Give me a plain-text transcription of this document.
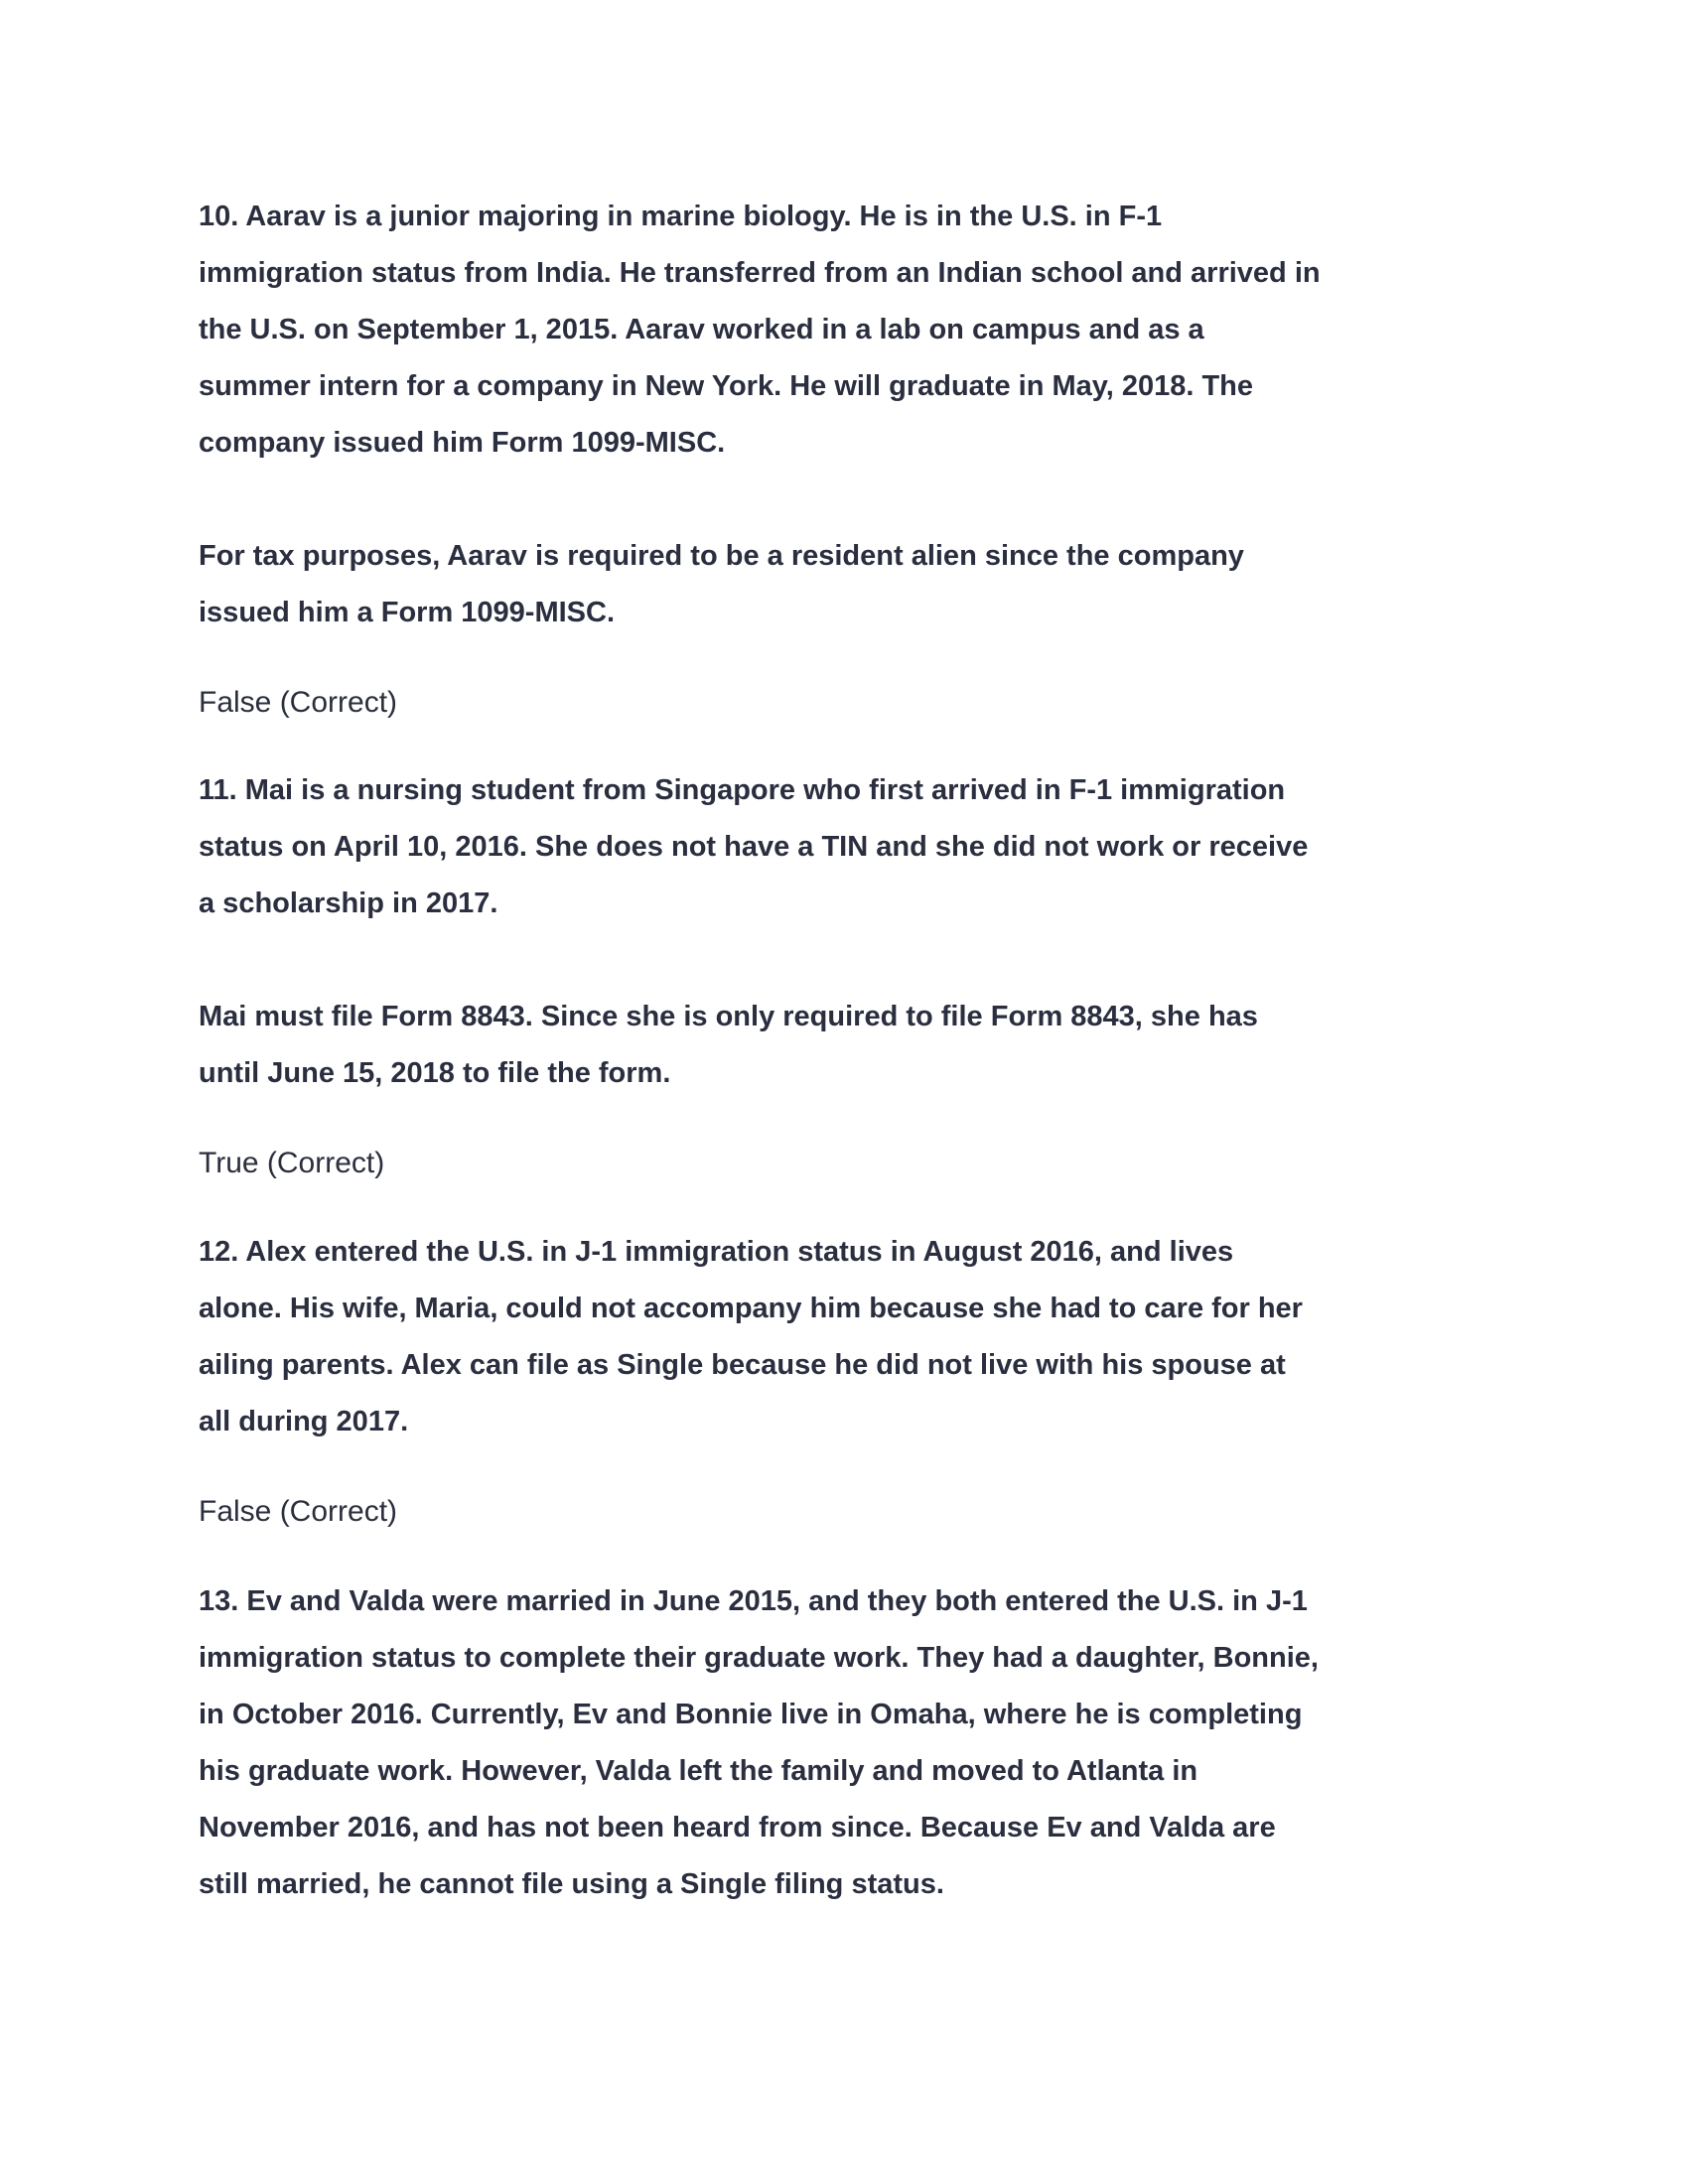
10. Aarav is a junior majoring in marine biology. He is in the U.S. in F-1
immigration status from India. He transferred from an Indian school and arrived in
the U.S. on September 1, 2015. Aarav worked in a lab on campus and as a
summer intern for a company in New York. He will graduate in May, 2018. The
company issued him Form 1099-MISC.
For tax purposes, Aarav is required to be a resident alien since the company
issued him a Form 1099-MISC.
False (Correct)
11. Mai is a nursing student from Singapore who first arrived in F-1 immigration
status on April 10, 2016. She does not have a TIN and she did not work or receive
a scholarship in 2017.
Mai must file Form 8843. Since she is only required to file Form 8843, she has
until June 15, 2018 to file the form.
True (Correct)
12. Alex entered the U.S. in J-1 immigration status in August 2016, and lives
alone. His wife, Maria, could not accompany him because she had to care for her
ailing parents. Alex can file as Single because he did not live with his spouse at
all during 2017.
False (Correct)
13. Ev and Valda were married in June 2015, and they both entered the U.S. in J-1
immigration status to complete their graduate work. They had a daughter, Bonnie,
in October 2016. Currently, Ev and Bonnie live in Omaha, where he is completing
his graduate work. However, Valda left the family and moved to Atlanta in
November 2016, and has not been heard from since. Because Ev and Valda are
still married, he cannot file using a Single filing status.
